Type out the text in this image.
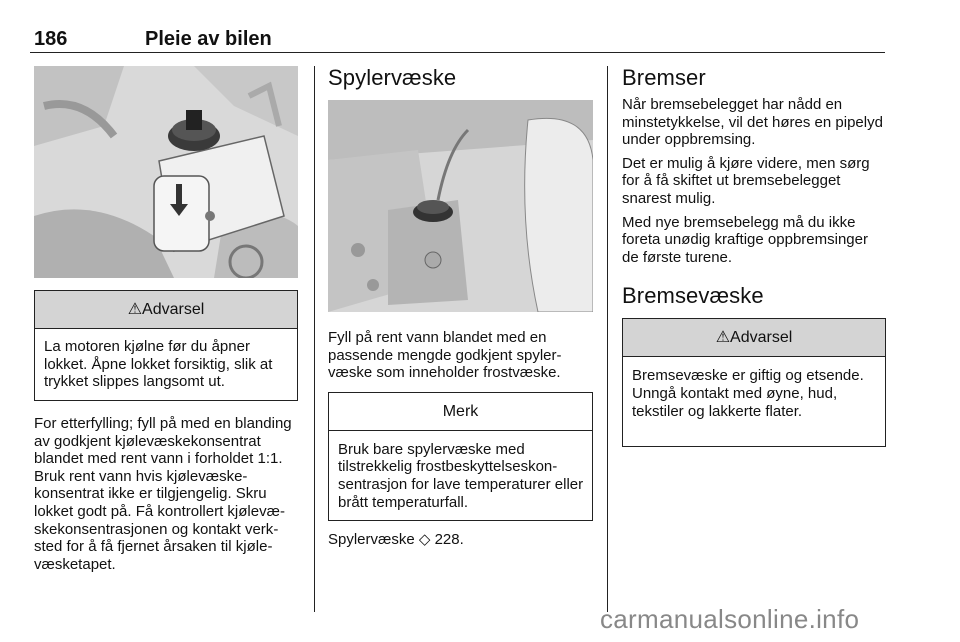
186	Pleie av bilen
⚠Advarsel

La motoren kjølne før du åpner lokket. Åpne lokket forsiktig, slik at trykket slippes langsomt ut.

For etterfylling; fyll på med en blanding av godkjent kjølevæskekonsentrat blandet med rent vann i forholdet 1:1. Bruk rent vann hvis kjølevæskekonsentrat ikke er tilgjengelig. Skru lokket godt på. Få kontrollert kjølevæskekonsentrasjonen og kontakt verksted for å få fjernet årsaken til kjølevæsketapet.

Spylervæske

Fyll på rent vann blandet med en passende mengde godkjent spylervæske som inneholder frostvæske.

Merk

Bruk bare spylervæske med tilstrekkelig frostbeskyttelseskonsentrasjon for lave temperaturer eller brått temperaturfall.

Spylervæske ◇ 228.

Bremser

Når bremsebelegget har nådd en minstetykkelse, vil det høres en pipelyd under oppbremsing.

Det er mulig å kjøre videre, men sørg for å få skiftet ut bremsebelegget snarest mulig.

Med nye bremsebelegg må du ikke foreta unødig kraftige oppbremsinger de første turene.

Bremsevæske
⚠Advarsel

Bremsevæske er giftig og etsende. Unngå kontakt med øyne, hud, tekstiler og lakkerte flater.

carmanualsonline.info
